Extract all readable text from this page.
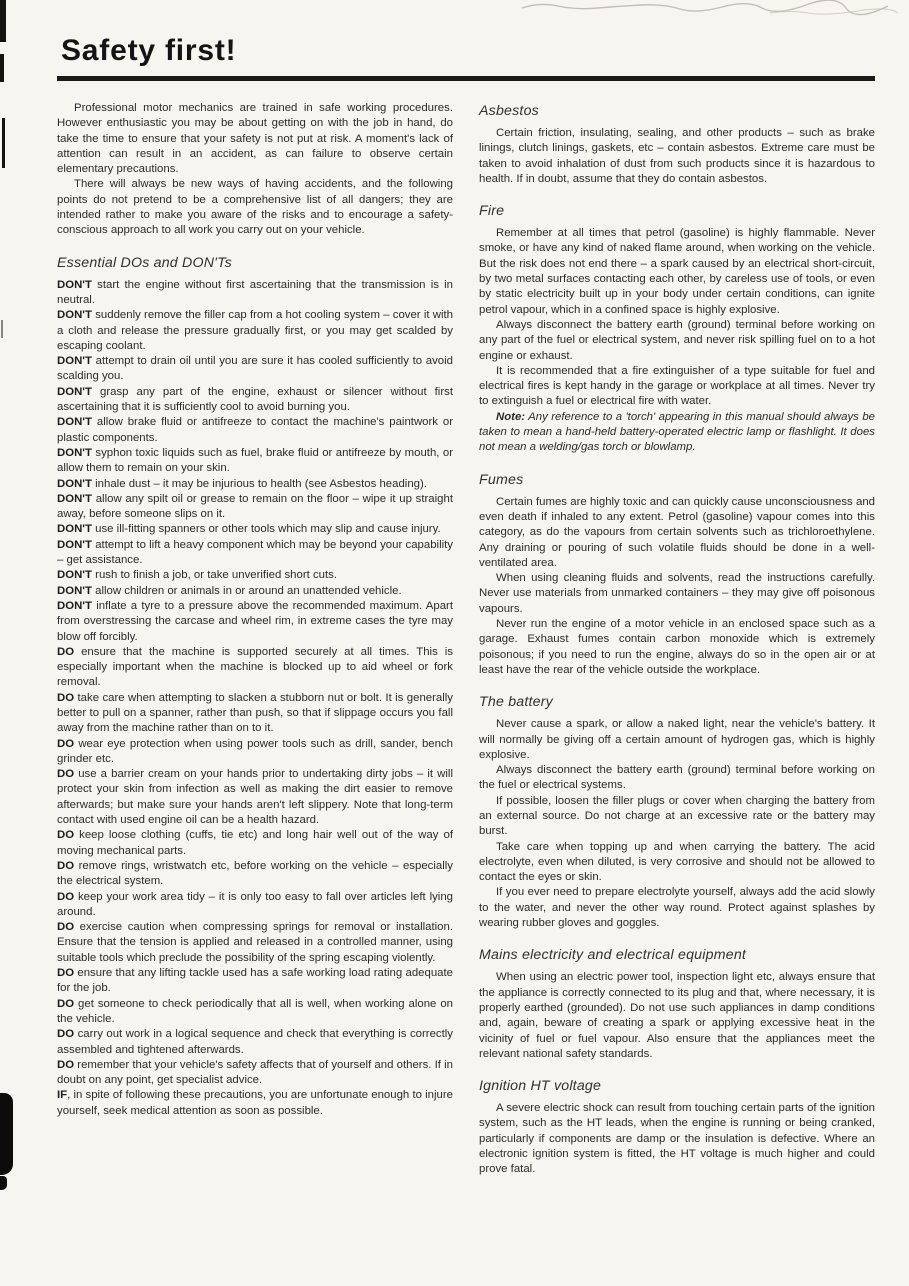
Safety first!

Professional motor mechanics are trained in safe working procedures. However enthusiastic you may be about getting on with the job in hand, do take the time to ensure that your safety is not put at risk. A moment's lack of attention can result in an accident, as can failure to observe certain elementary precautions.

There will always be new ways of having accidents, and the following points do not pretend to be a comprehensive list of all dangers; they are intended rather to make you aware of the risks and to encourage a safety-conscious approach to all work you carry out on your vehicle.

Essential DOs and DON'Ts

DON'T start the engine without first ascertaining that the transmission is in neutral.

DON'T suddenly remove the filler cap from a hot cooling system – cover it with a cloth and release the pressure gradually first, or you may get scalded by escaping coolant.

DON'T attempt to drain oil until you are sure it has cooled sufficiently to avoid scalding you.

DON'T grasp any part of the engine, exhaust or silencer without first ascertaining that it is sufficiently cool to avoid burning you.

DON'T allow brake fluid or antifreeze to contact the machine's paintwork or plastic components.

DON'T syphon toxic liquids such as fuel, brake fluid or antifreeze by mouth, or allow them to remain on your skin.

DON'T inhale dust – it may be injurious to health (see Asbestos heading).

DON'T allow any spilt oil or grease to remain on the floor – wipe it up straight away, before someone slips on it.

DON'T use ill-fitting spanners or other tools which may slip and cause injury.

DON'T attempt to lift a heavy component which may be beyond your capability – get assistance.

DON'T rush to finish a job, or take unverified short cuts.

DON'T allow children or animals in or around an unattended vehicle.

DON'T inflate a tyre to a pressure above the recommended maximum. Apart from overstressing the carcase and wheel rim, in extreme cases the tyre may blow off forcibly.

DO ensure that the machine is supported securely at all times. This is especially important when the machine is blocked up to aid wheel or fork removal.

DO take care when attempting to slacken a stubborn nut or bolt. It is generally better to pull on a spanner, rather than push, so that if slippage occurs you fall away from the machine rather than on to it.

DO wear eye protection when using power tools such as drill, sander, bench grinder etc.

DO use a barrier cream on your hands prior to undertaking dirty jobs – it will protect your skin from infection as well as making the dirt easier to remove afterwards; but make sure your hands aren't left slippery. Note that long-term contact with used engine oil can be a health hazard.

DO keep loose clothing (cuffs, tie etc) and long hair well out of the way of moving mechanical parts.

DO remove rings, wristwatch etc, before working on the vehicle – especially the electrical system.

DO keep your work area tidy – it is only too easy to fall over articles left lying around.

DO exercise caution when compressing springs for removal or installation. Ensure that the tension is applied and released in a controlled manner, using suitable tools which preclude the possibility of the spring escaping violently.

DO ensure that any lifting tackle used has a safe working load rating adequate for the job.

DO get someone to check periodically that all is well, when working alone on the vehicle.

DO carry out work in a logical sequence and check that everything is correctly assembled and tightened afterwards.

DO remember that your vehicle's safety affects that of yourself and others. If in doubt on any point, get specialist advice.

IF, in spite of following these precautions, you are unfortunate enough to injure yourself, seek medical attention as soon as possible.

Asbestos

Certain friction, insulating, sealing, and other products – such as brake linings, clutch linings, gaskets, etc – contain asbestos. Extreme care must be taken to avoid inhalation of dust from such products since it is hazardous to health. If in doubt, assume that they do contain asbestos.

Fire

Remember at all times that petrol (gasoline) is highly flammable. Never smoke, or have any kind of naked flame around, when working on the vehicle. But the risk does not end there – a spark caused by an electrical short-circuit, by two metal surfaces contacting each other, by careless use of tools, or even by static electricity built up in your body under certain conditions, can ignite petrol vapour, which in a confined space is highly explosive.

Always disconnect the battery earth (ground) terminal before working on any part of the fuel or electrical system, and never risk spilling fuel on to a hot engine or exhaust.

It is recommended that a fire extinguisher of a type suitable for fuel and electrical fires is kept handy in the garage or workplace at all times. Never try to extinguish a fuel or electrical fire with water.

Note: Any reference to a 'torch' appearing in this manual should always be taken to mean a hand-held battery-operated electric lamp or flashlight. It does not mean a welding/gas torch or blowlamp.

Fumes

Certain fumes are highly toxic and can quickly cause unconsciousness and even death if inhaled to any extent. Petrol (gasoline) vapour comes into this category, as do the vapours from certain solvents such as trichloroethylene. Any draining or pouring of such volatile fluids should be done in a well-ventilated area.

When using cleaning fluids and solvents, read the instructions carefully. Never use materials from unmarked containers – they may give off poisonous vapours.

Never run the engine of a motor vehicle in an enclosed space such as a garage. Exhaust fumes contain carbon monoxide which is extremely poisonous; if you need to run the engine, always do so in the open air or at least have the rear of the vehicle outside the workplace.

The battery

Never cause a spark, or allow a naked light, near the vehicle's battery. It will normally be giving off a certain amount of hydrogen gas, which is highly explosive.

Always disconnect the battery earth (ground) terminal before working on the fuel or electrical systems.

If possible, loosen the filler plugs or cover when charging the battery from an external source. Do not charge at an excessive rate or the battery may burst.

Take care when topping up and when carrying the battery. The acid electrolyte, even when diluted, is very corrosive and should not be allowed to contact the eyes or skin.

If you ever need to prepare electrolyte yourself, always add the acid slowly to the water, and never the other way round. Protect against splashes by wearing rubber gloves and goggles.

Mains electricity and electrical equipment

When using an electric power tool, inspection light etc, always ensure that the appliance is correctly connected to its plug and that, where necessary, it is properly earthed (grounded). Do not use such appliances in damp conditions and, again, beware of creating a spark or applying excessive heat in the vicinity of fuel or fuel vapour. Also ensure that the appliances meet the relevant national safety standards.

Ignition HT voltage

A severe electric shock can result from touching certain parts of the ignition system, such as the HT leads, when the engine is running or being cranked, particularly if components are damp or the insulation is defective. Where an electronic ignition system is fitted, the HT voltage is much higher and could prove fatal.
